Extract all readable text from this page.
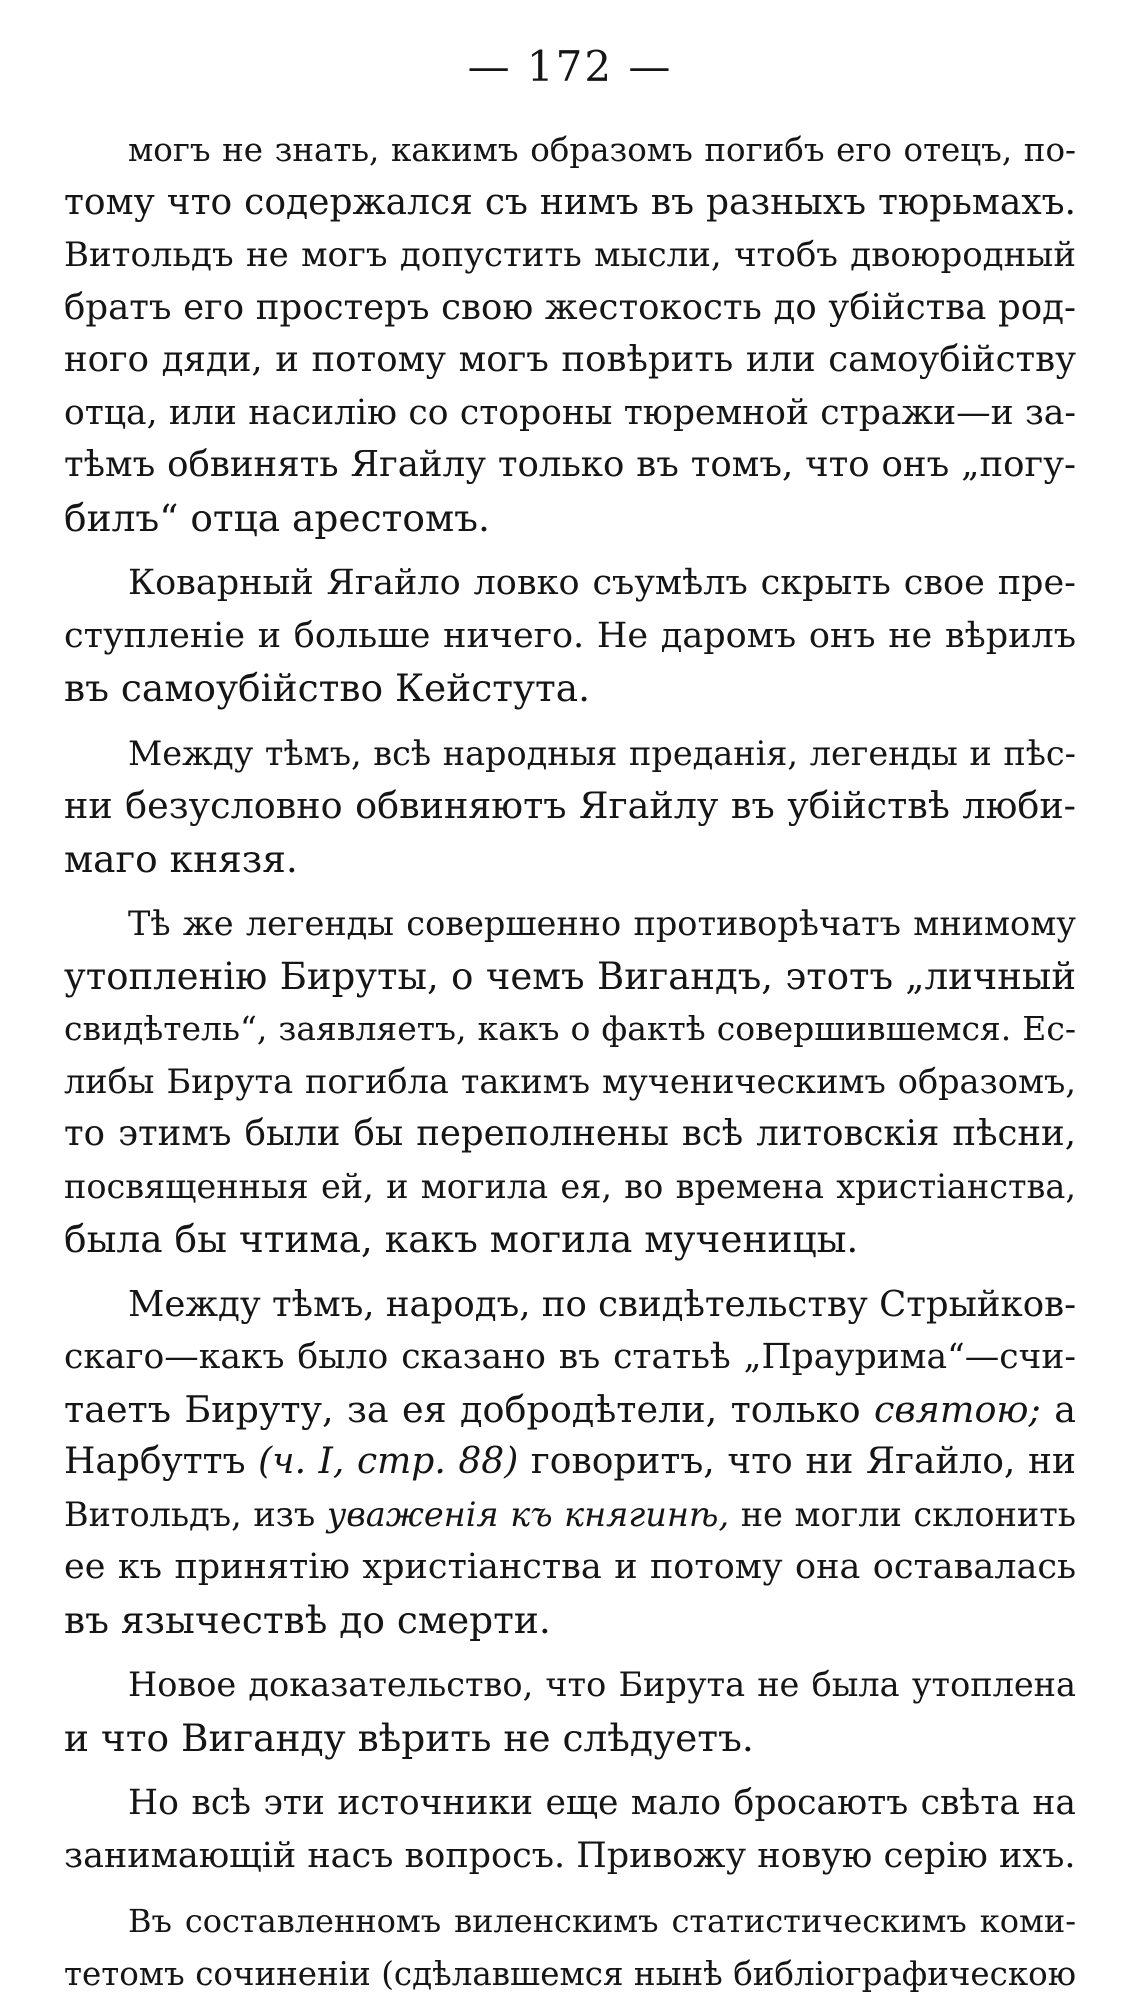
— 172 —
могъ не знать, какимъ образомъ погибъ его отецъ, по-
тому что содержался съ нимъ въ разныхъ тюрьмахъ.
Витольдъ не могъ допустить мысли, чтобъ двоюродный
братъ его простеръ свою жестокость до убійства род-
ного дяди, и потому могъ повѣрить или самоубійству
отца, или насилію со стороны тюремной стражи—и за-
тѣмъ обвинять Ягайлу только въ томъ, что онъ „погу-
билъ“ отца арестомъ.
Коварный Ягайло ловко съумѣлъ скрыть свое пре-
ступленіе и больше ничего. Не даромъ онъ не вѣрилъ
въ самоубійство Кейстута.
Между тѣмъ, всѣ народныя преданія, легенды и пѣс-
ни безусловно обвиняютъ Ягайлу въ убійствѣ люби-
маго князя.
Тѣ же легенды совершенно противорѣчатъ мнимому
утопленію Бируты, о чемъ Вигандъ, этотъ „личный
свидѣтель“, заявляетъ, какъ о фактѣ совершившемся. Ес-
либы Бирута погибла такимъ мученическимъ образомъ,
то этимъ были бы переполнены всѣ литовскія пѣсни,
посвященныя ей, и могила ея, во времена христіанства,
была бы чтима, какъ могила мученицы.
Между тѣмъ, народъ, по свидѣтельству Стрыйков-
скаго—какъ было сказано въ статьѣ „Праурима“—счи-
таетъ Бируту, за ея добродѣтели, только святою; а
Нарбуттъ (ч. I, стр. 88) говоритъ, что ни Ягайло, ни
Витольдъ, изъ уваженія къ княгинѣ, не могли склонить
ее къ принятію христіанства и потому она оставалась
въ язычествѣ до смерти.
Новое доказательство, что Бирута не была утоплена
и что Виганду вѣрить не слѣдуетъ.
Но всѣ эти источники еще мало бросаютъ свѣта на
занимающій насъ вопросъ. Привожу новую серію ихъ.
Въ составленномъ виленскимъ статистическимъ коми-
тетомъ сочиненіи (сдѣлавшемся нынѣ библіографическою
